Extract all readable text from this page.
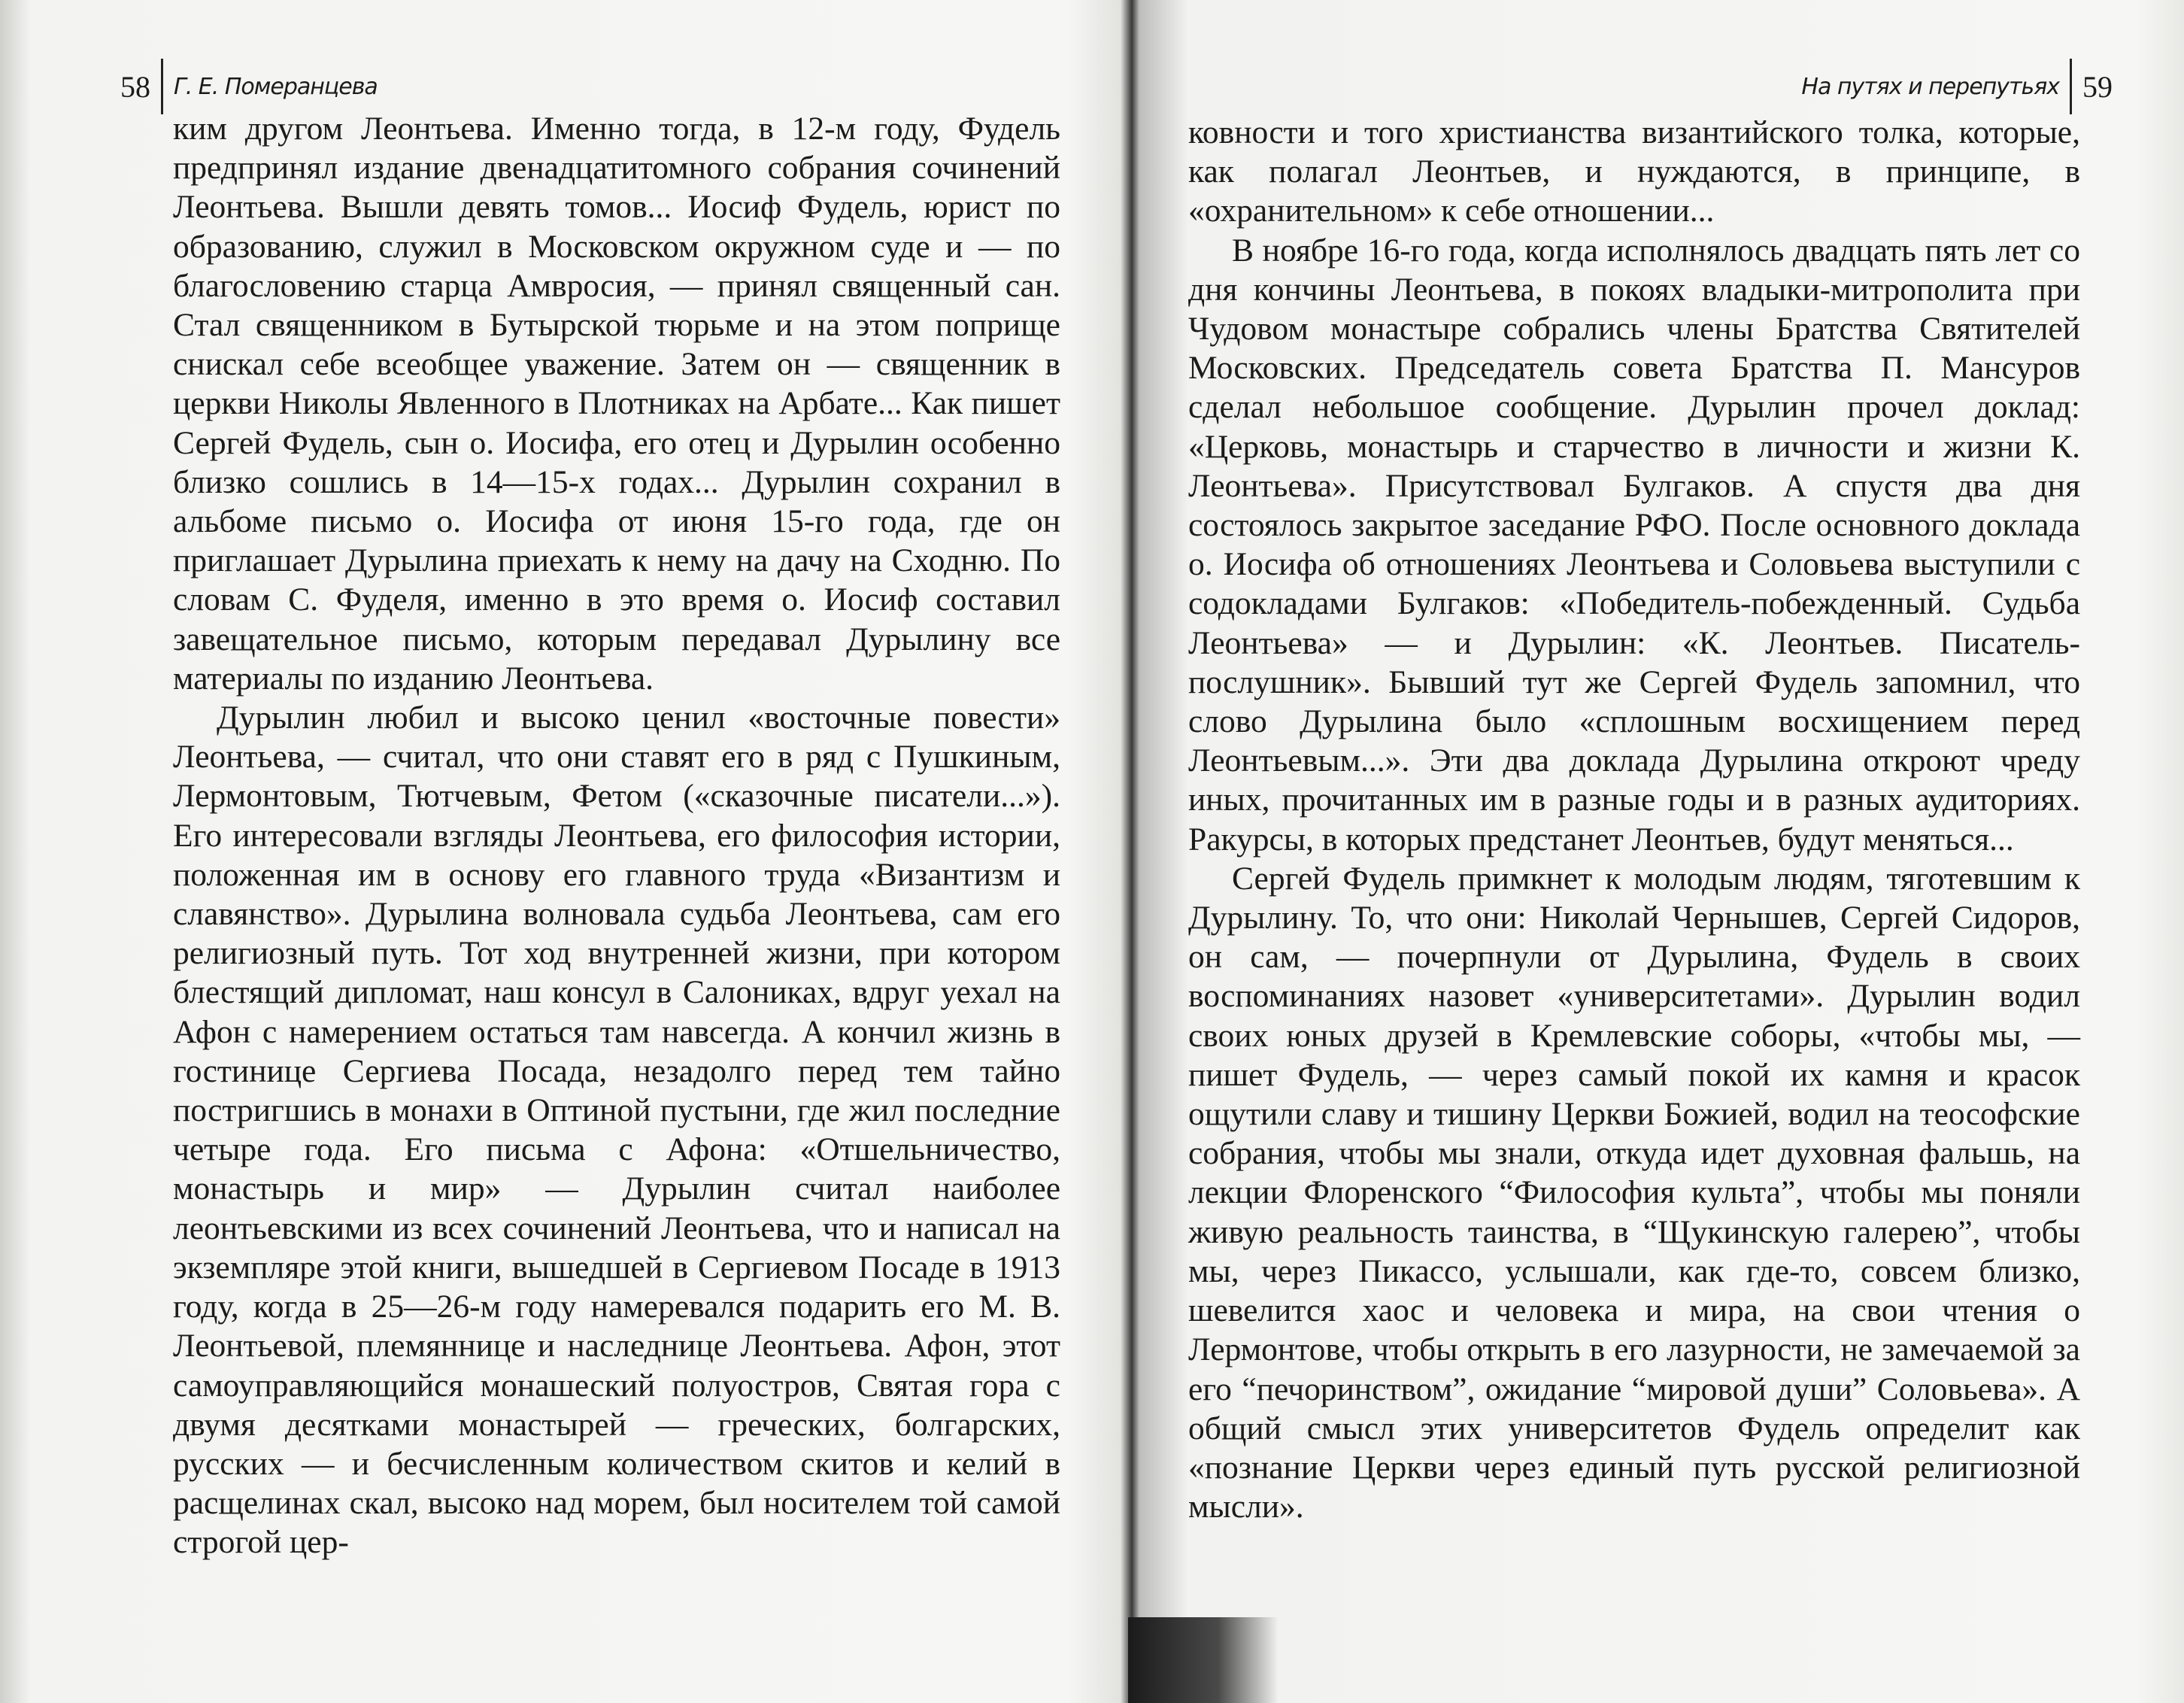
58 Г. Е. Померанцева

ким другом Леонтьева. Именно тогда, в 12-м году, Фудель предпринял издание двенадцатитомного собрания сочинений Леонтьева. Вышли девять томов... Иосиф Фудель, юрист по образованию, служил в Московском окружном суде и — по благословению старца Амвросия, — принял священный сан. Стал священником в Бутырской тюрьме и на этом поприще снискал себе всеобщее уважение. Затем он — священник в церкви Николы Явленного в Плотниках на Арбате... Как пишет Сергей Фудель, сын о. Иосифа, его отец и Дурылин особенно близко сошлись в 14—15-х годах... Дурылин сохранил в альбоме письмо о. Иосифа от июня 15-го года, где он приглашает Дурылина приехать к нему на дачу на Сходню. По словам С. Фуделя, именно в это время о. Иосиф составил завещательное письмо, которым передавал Дурылину все материалы по изданию Леонтьева.

Дурылин любил и высоко ценил «восточные повести» Леонтьева, — считал, что они ставят его в ряд с Пушкиным, Лермонтовым, Тютчевым, Фетом («сказочные писатели...»). Его интересовали взгляды Леонтьева, его философия истории, положенная им в основу его главного труда «Византизм и славянство». Дурылина волновала судьба Леонтьева, сам его религиозный путь. Тот ход внутренней жизни, при котором блестящий дипломат, наш консул в Салониках, вдруг уехал на Афон с намерением остаться там навсегда. А кончил жизнь в гостинице Сергиева Посада, незадолго перед тем тайно постригшись в монахи в Оптиной пустыни, где жил последние четыре года. Его письма с Афона: «Отшельничество, монастырь и мир» — Дурылин считал наиболее леонтьевскими из всех сочинений Леонтьева, что и написал на экземпляре этой книги, вышедшей в Сергиевом Посаде в 1913 году, когда в 25—26-м году намеревался подарить его М. В. Леонтьевой, племяннице и наследнице Леонтьева. Афон, этот самоуправляющийся монашеский полуостров, Святая гора с двумя десятками монастырей — греческих, болгарских, русских — и бесчисленным количеством скитов и келий в расщелинах скал, высоко над морем, был носителем той самой строгой цер-

На путях и перепутьях 59

ковности и того христианства византийского толка, которые, как полагал Леонтьев, и нуждаются, в принципе, в «охранительном» к себе отношении...

В ноябре 16-го года, когда исполнялось двадцать пять лет со дня кончины Леонтьева, в покоях владыки-митрополита при Чудовом монастыре собрались члены Братства Святителей Московских. Председатель совета Братства П. Мансуров сделал небольшое сообщение. Дурылин прочел доклад: «Церковь, монастырь и старчество в личности и жизни К. Леонтьева». Присутствовал Булгаков. А спустя два дня состоялось закрытое заседание РФО. После основного доклада о. Иосифа об отношениях Леонтьева и Соловьева выступили с содокладами Булгаков: «Победитель-побежденный. Судьба Леонтьева» — и Дурылин: «К. Леонтьев. Писатель-послушник». Бывший тут же Сергей Фудель запомнил, что слово Дурылина было «сплошным восхищением перед Леонтьевым...». Эти два доклада Дурылина откроют чреду иных, прочитанных им в разные годы и в разных аудиториях. Ракурсы, в которых предстанет Леонтьев, будут меняться...

Сергей Фудель примкнет к молодым людям, тяготевшим к Дурылину. То, что они: Николай Чернышев, Сергей Сидоров, он сам, — почерпнули от Дурылина, Фудель в своих воспоминаниях назовет «университетами». Дурылин водил своих юных друзей в Кремлевские соборы, «чтобы мы, — пишет Фудель, — через самый покой их камня и красок ощутили славу и тишину Церкви Божией, водил на теософские собрания, чтобы мы знали, откуда идет духовная фальшь, на лекции Флоренского “Философия культа”, чтобы мы поняли живую реальность таинства, в “Щукинскую галерею”, чтобы мы, через Пикассо, услышали, как где-то, совсем близко, шевелится хаос и человека и мира, на свои чтения о Лермонтове, чтобы открыть в его лазурности, не замечаемой за его “печоринством”, ожидание “мировой души” Соловьева». А общий смысл этих университетов Фудель определит как «познание Церкви через единый путь русской религиозной мысли».
